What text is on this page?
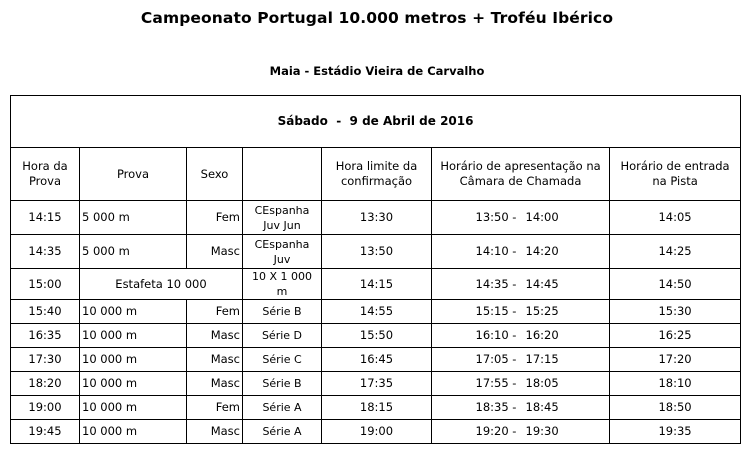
Campeonato Portugal 10.000 metros + Troféu Ibérico
Maia - Estádio Vieira de Carvalho
Sábado  -  9 de Abril de 2016						
Hora da Prova	Prova	Sexo		Hora limite da confirmação	Horário de apresentação na Câmara de Chamada	Horário de entrada na Pista
14:15	5 000 m	Fem	CEspanha Juv Jun	13:30	13:50 - 14:00	14:05
14:35	5 000 m	Masc	CEspanha Juv	13:50	14:10 - 14:20	14:25
15:00	Estafeta 10 000		10 X 1 000 m	14:15	14:35 - 14:45	14:50
15:40	10 000 m	Fem	Série B	14:55	15:15 - 15:25	15:30
16:35	10 000 m	Masc	Série D	15:50	16:10 - 16:20	16:25
17:30	10 000 m	Masc	Série C	16:45	17:05 - 17:15	17:20
18:20	10 000 m	Masc	Série B	17:35	17:55 - 18:05	18:10
19:00	10 000 m	Fem	Série A	18:15	18:35 - 18:45	18:50
19:45	10 000 m	Masc	Série A	19:00	19:20 - 19:30	19:35
